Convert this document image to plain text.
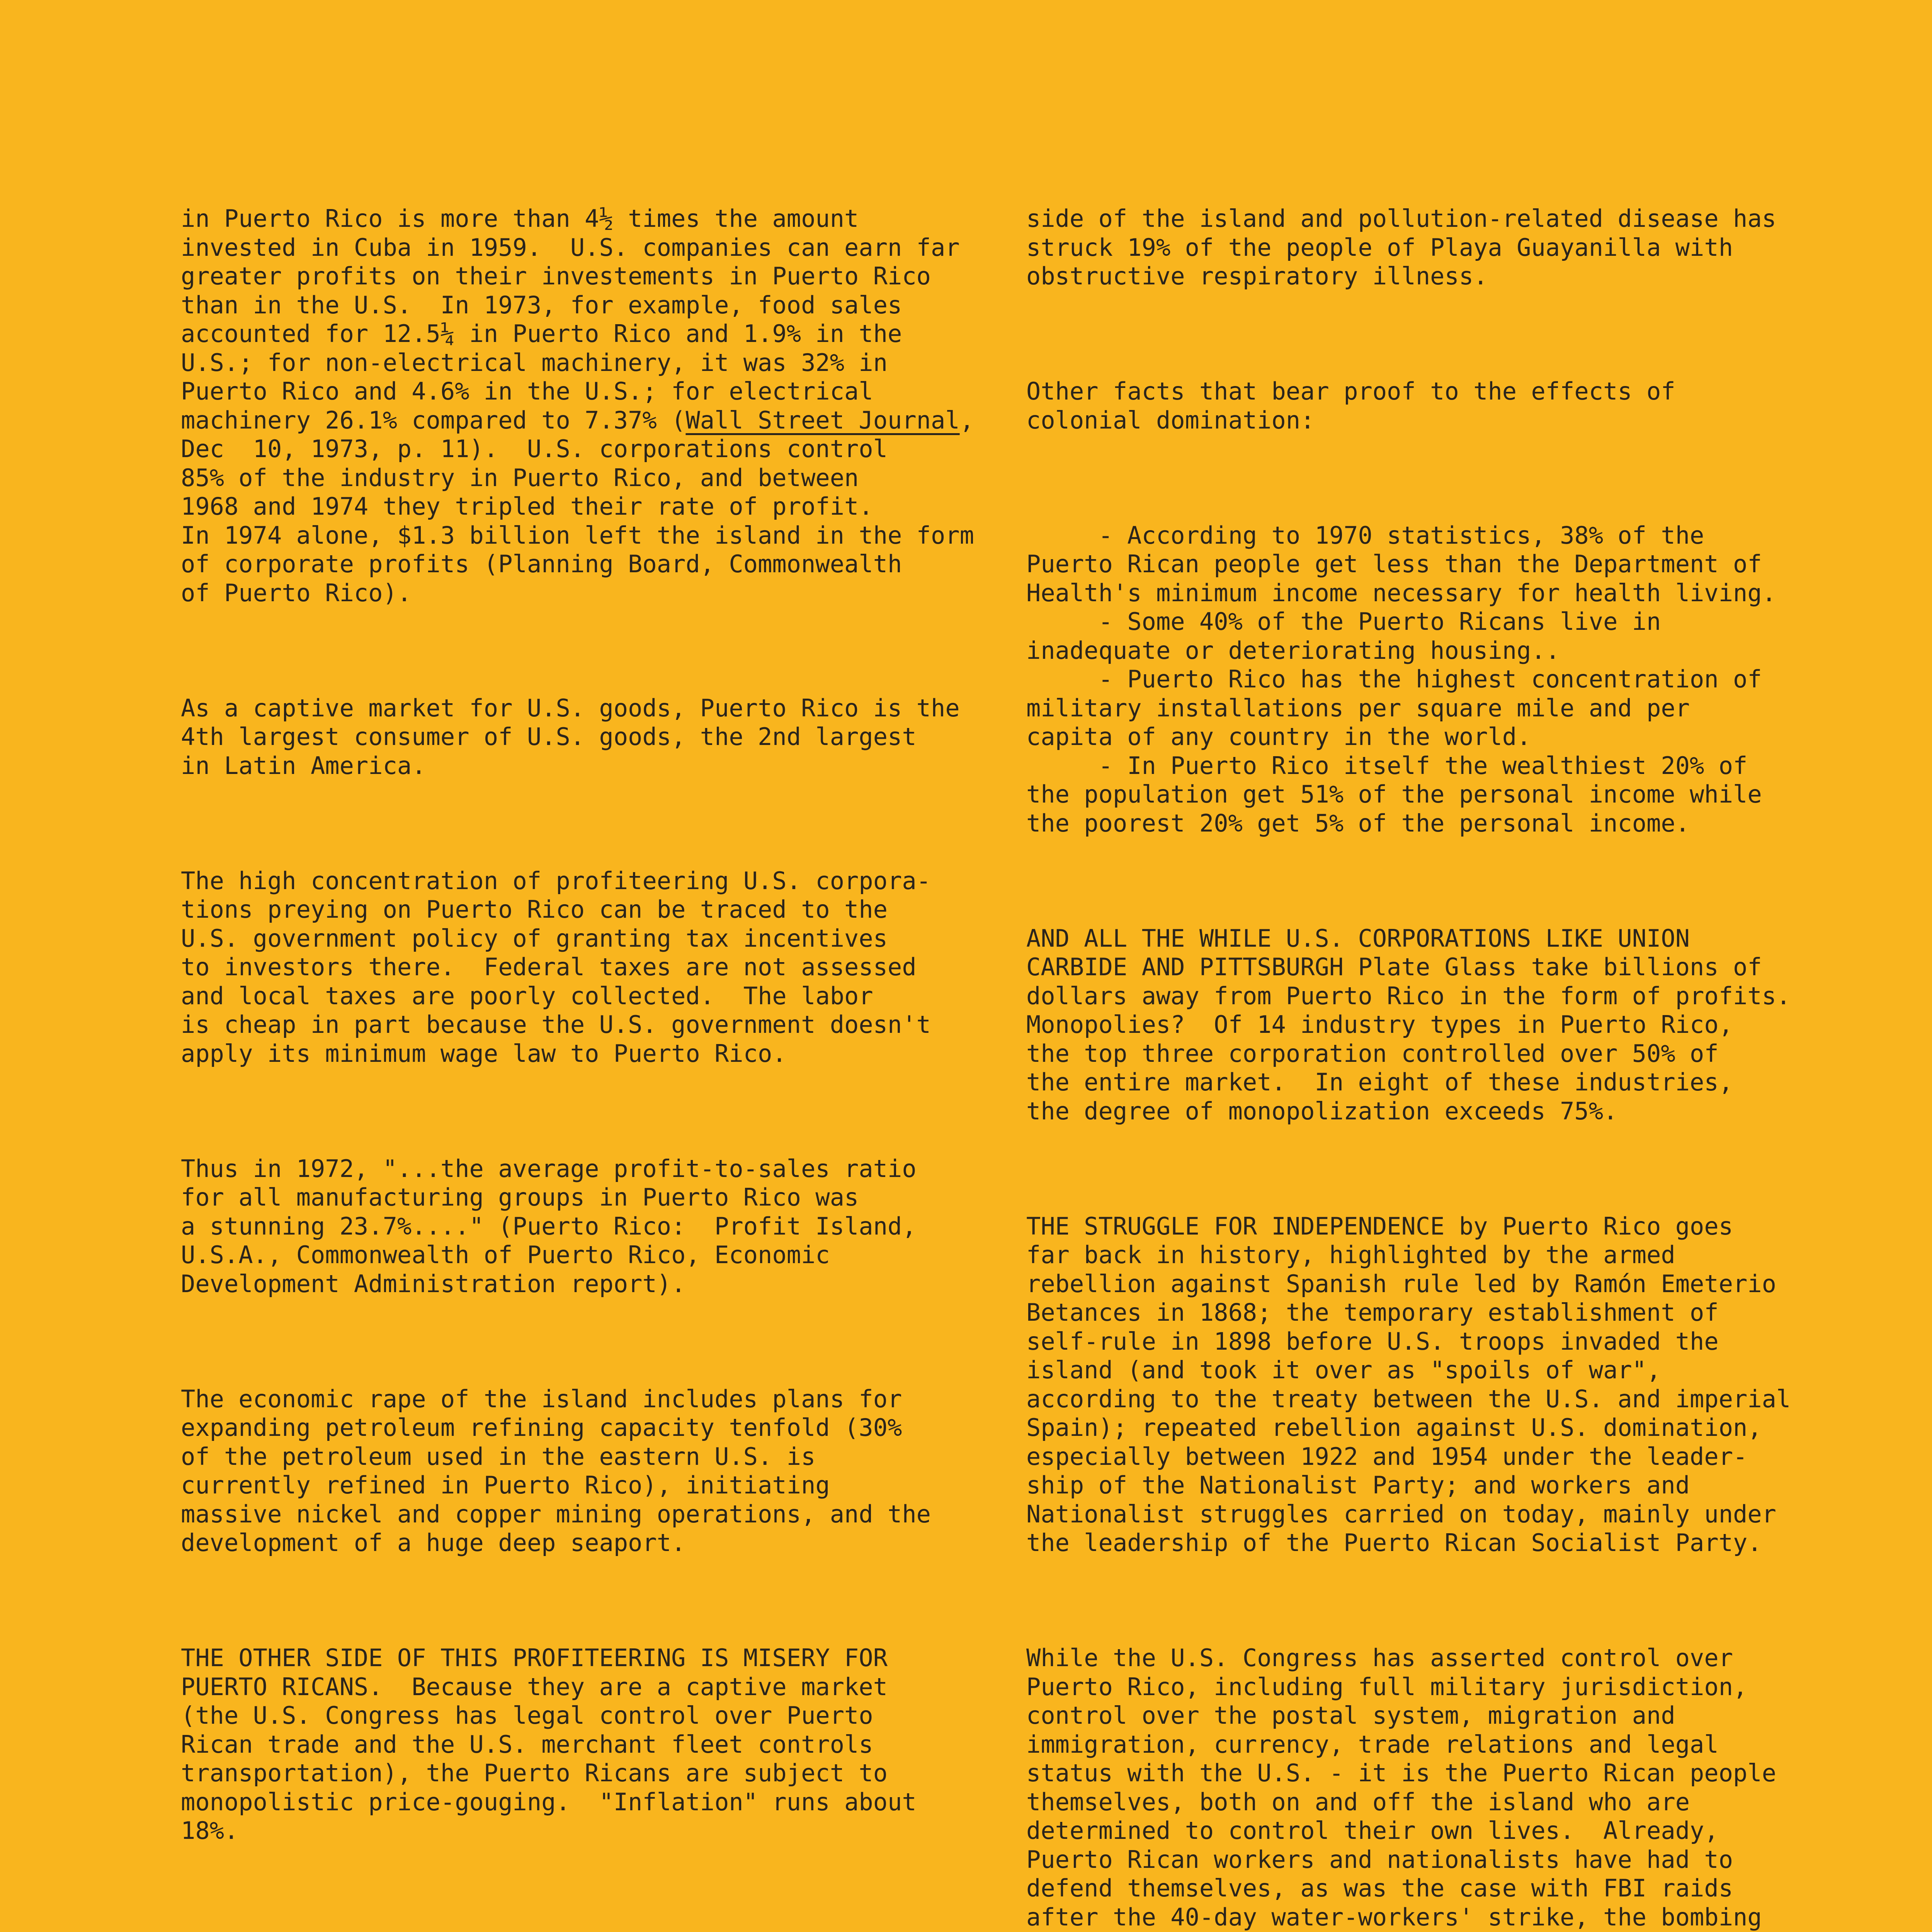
in Puerto Rico is more than 4½ times the amount
invested in Cuba in 1959.  U.S. companies can earn far
greater profits on their investements in Puerto Rico
than in the U.S.  In 1973, for example, food sales
accounted for 12.5¼ in Puerto Rico and 1.9% in the
U.S.; for non-electrical machinery, it was 32% in
Puerto Rico and 4.6% in the U.S.; for electrical
machinery 26.1% compared to 7.37% (Wall Street Journal,
Dec  10, 1973, p. 11).  U.S. corporations control
85% of the industry in Puerto Rico, and between
1968 and 1974 they tripled their rate of profit.
In 1974 alone, $1.3 billion left the island in the form
of corporate profits (Planning Board, Commonwealth
of Puerto Rico).

As a captive market for U.S. goods, Puerto Rico is the
4th largest consumer of U.S. goods, the 2nd largest
in Latin America.

The high concentration of profiteering U.S. corpora-
tions preying on Puerto Rico can be traced to the
U.S. government policy of granting tax incentives
to investors there.  Federal taxes are not assessed
and local taxes are poorly collected.  The labor
is cheap in part because the U.S. government doesn't
apply its minimum wage law to Puerto Rico.

Thus in 1972, "...the average profit-to-sales ratio
for all manufacturing groups in Puerto Rico was
a stunning 23.7%...." (Puerto Rico:  Profit Island,
U.S.A., Commonwealth of Puerto Rico, Economic
Development Administration report).

The economic rape of the island includes plans for
expanding petroleum refining capacity tenfold (30%
of the petroleum used in the eastern U.S. is
currently refined in Puerto Rico), initiating
massive nickel and copper mining operations, and the
development of a huge deep seaport.

THE OTHER SIDE OF THIS PROFITEERING IS MISERY FOR
PUERTO RICANS.  Because they are a captive market
(the U.S. Congress has legal control over Puerto
Rican trade and the U.S. merchant fleet controls
transportation), the Puerto Ricans are subject to
monopolistic price-gouging.  "Inflation" runs about
18%.

side of the island and pollution-related disease has
struck 19% of the people of Playa Guayanilla with
obstructive respiratory illness.

Other facts that bear proof to the effects of
colonial domination:

- According to 1970 statistics, 38% of the
Puerto Rican people get less than the Department of
Health's minimum income necessary for health living.
- Some 40% of the Puerto Ricans live in
inadequate or deteriorating housing..
- Puerto Rico has the highest concentration of
military installations per square mile and per
capita of any country in the world.
- In Puerto Rico itself the wealthiest 20% of
the population get 51% of the personal income while
the poorest 20% get 5% of the personal income.

AND ALL THE WHILE U.S. CORPORATIONS LIKE UNION
CARBIDE AND PITTSBURGH Plate Glass take billions of
dollars away from Puerto Rico in the form of profits.
Monopolies?  Of 14 industry types in Puerto Rico,
the top three corporation controlled over 50% of
the entire market.  In eight of these industries,
the degree of monopolization exceeds 75%.

THE STRUGGLE FOR INDEPENDENCE by Puerto Rico goes
far back in history, highlighted by the armed
rebellion against Spanish rule led by Ramón Emeterio
Betances in 1868; the temporary establishment of
self-rule in 1898 before U.S. troops invaded the
island (and took it over as "spoils of war",
according to the treaty between the U.S. and imperial
Spain); repeated rebellion against U.S. domination,
especially between 1922 and 1954 under the leader-
ship of the Nationalist Party; and workers and
Nationalist struggles carried on today, mainly under
the leadership of the Puerto Rican Socialist Party.

While the U.S. Congress has asserted control over
Puerto Rico, including full military jurisdiction,
control over the postal system, migration and
immigration, currency, trade relations and legal
status with the U.S. - it is the Puerto Rican people
themselves, both on and off the island who are
determined to control their own lives.  Already,
Puerto Rican workers and nationalists have had to
defend themselves, as was the case with FBI raids
after the 40-day water-workers' strike, the bombing
